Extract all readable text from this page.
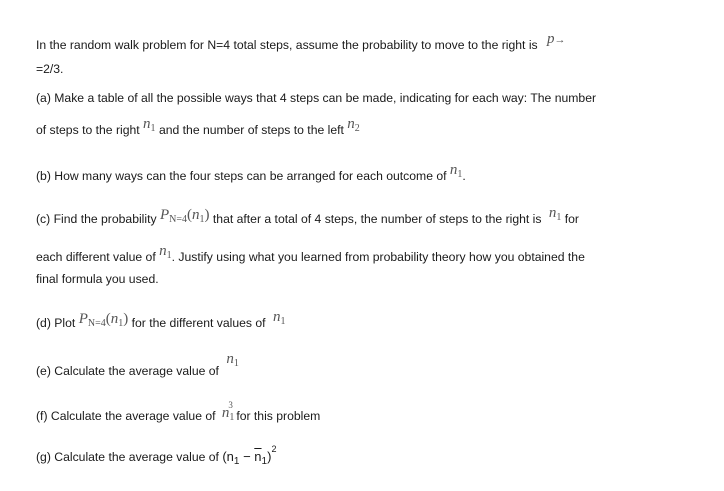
In the random walk problem for N=4 total steps, assume the probability to move to the right is p→
=2/3.
(a) Make a table of all the possible ways that 4 steps can be made, indicating for each way: The number
of steps to the right $n_1$ and the number of steps to the left $n_2$
(b) How many ways can the four steps can be arranged for each outcome of $n_1$.
(c) Find the probability $P_{N=4}(n_1)$ that after a total of 4 steps, the number of steps to the right is $n_1$ for
each different value of $n_1$. Justify using what you learned from probability theory how you obtained the
final formula you used.
(d) Plot $P_{N=4}(n_1)$ for the different values of $n_1$
(e) Calculate the average value of $n_1$
(f) Calculate the average value of $n_1^3$ for this problem
(g) Calculate the average value of $(n_1 - \overline{n}_1)^2$
